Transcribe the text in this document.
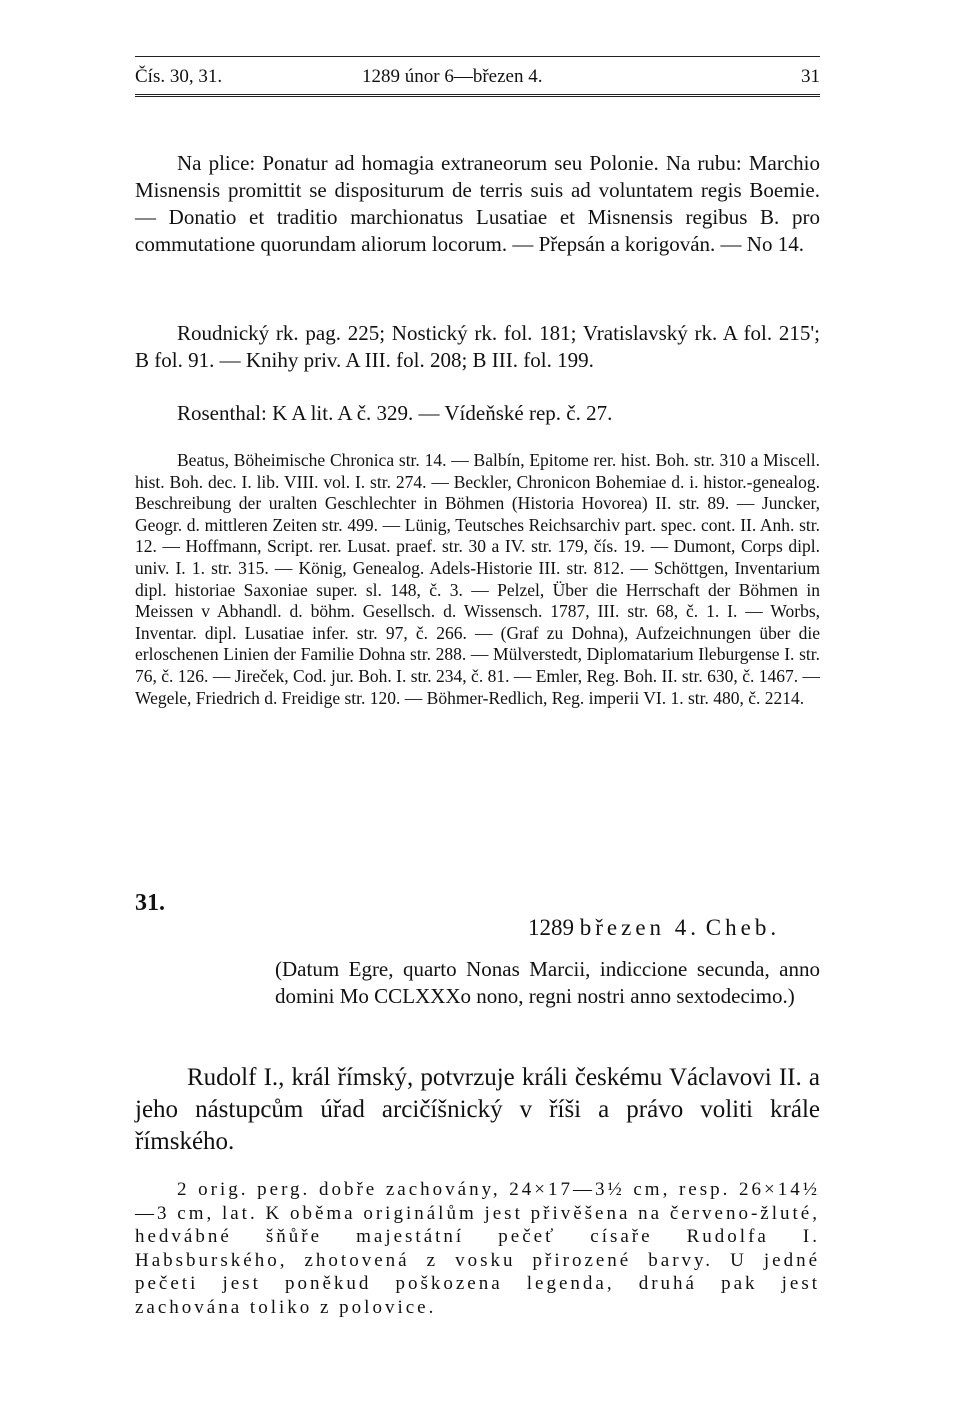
Čís. 30, 31.	1289 únor 6—březen 4.	31

Na plice: Ponatur ad homagia extraneorum seu Polonie. Na rubu: Marchio Misnensis promittit se dispositurum de terris suis ad voluntatem regis Boemie. — Donatio et traditio marchionatus Lusatiae et Misnensis regibus B. pro commutatione quorundam aliorum locorum. — Přepsán a korigován. — No 14.

Roudnický rk. pag. 225; Nostický rk. fol. 181; Vratislavský rk. A fol. 215'; B fol. 91. — Knihy priv. A III. fol. 208; B III. fol. 199.

Rosenthal: K A lit. A č. 329. — Vídeňské rep. č. 27.

Beatus, Böheimische Chronica str. 14. — Balbín, Epitome rer. hist. Boh. str. 310 a Miscell. hist. Boh. dec. I. lib. VIII. vol. I. str. 274. — Beckler, Chronicon Bohemiae d. i. histor.-genealog. Beschreibung der uralten Geschlechter in Böhmen (Historia Hovorea) II. str. 89. — Juncker, Geogr. d. mittleren Zeiten str. 499. — Lünig, Teutsches Reichsarchiv part. spec. cont. II. Anh. str. 12. — Hoffmann, Script. rer. Lusat. praef. str. 30 a IV. str. 179, čís. 19. — Dumont, Corps dipl. univ. I. 1. str. 315. — König, Genealog. Adels-Historie III. str. 812. — Schöttgen, Inventarium dipl. historiae Saxoniae super. sl. 148, č. 3. — Pelzel, Über die Herrschaft der Böhmen in Meissen v Abhandl. d. böhm. Gesellsch. d. Wissensch. 1787, III. str. 68, č. 1. I. — Worbs, Inventar. dipl. Lusatiae infer. str. 97, č. 266. — (Graf zu Dohna), Aufzeichnungen über die erloschenen Linien der Familie Dohna str. 288. — Mülverstedt, Diplomatarium Ileburgense I. str. 76, č. 126. — Jireček, Cod. jur. Boh. I. str. 234, č. 81. — Emler, Reg. Boh. II. str. 630, č. 1467. — Wegele, Friedrich d. Freidige str. 120. — Böhmer-Redlich, Reg. imperii VI. 1. str. 480, č. 2214.

31.
1289 březen 4. Cheb.

(Datum Egre, quarto Nonas Marcii, indiccione secunda, anno domini Mo CCLXXXo nono, regni nostri anno sextodecimo.)

Rudolf I., král římský, potvrzuje králi českému Václavovi II. a jeho nástupcům úřad arcičíšnický v říši a právo voliti krále římského.

2 orig. perg. dobře zachovány, 24×17—3½ cm, resp. 26×14½ —3 cm, lat. K oběma originálům jest přivěšena na červeno-žluté, hedvábné šňůře majestátní pečeť císaře Rudolfa I. Habsburského, zhotovená z vosku přirozené barvy. U jedné pečeti jest poněkud poškozena legenda, druhá pak jest zachována toliko z polovice.
